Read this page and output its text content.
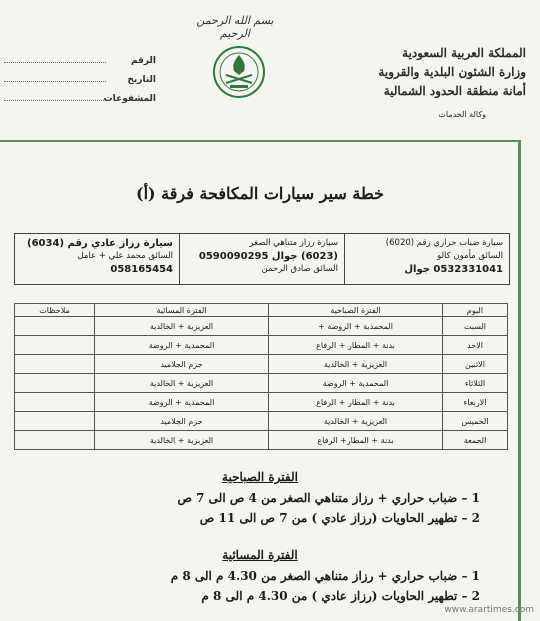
بسم الله الرحمن الرحيم
المملكة العربية السعودية
وزارة الشئون البلدية والقروية
أمانة منطقة الحدود الشمالية
وكالة الخدمات
الرقم
التاريخ
المشفوعات
خطة سير سيارات المكافحة فرقة (أ)
سيارة ضباب حراري رقم (6020)
السائق مأمون كالو
0532331041 جوال
سيارة رزاز متناهي الصغر
(6023) جوال 0590090295
السائق صادق الرحمن
سيارة رزاز عادي رقم (6034)
السائق محمد علي + عامل
058165454
اليوم	الفترة الصباحية	الفترة المسائية	ملاحظات
السبت	المحمدية + الروضة +	العزيزية + الخالدية	
الاحد	بدنة + المطار + الرفاع	المحمدية + الروضة	
الاثنين	العزيزية + الخالدية	حزم الجلاميد	
الثلاثاء	المحمدية + الروضة	العزيزية + الخالدية	
الاربعاء	بدنة + المطار + الرفاع	المحمدية + الروضة	
الخميس	العزيزية + الخالدية	حزم الجلاميد	
الجمعة	بدنة + المطار+ الرفاع	العزيزية + الخالدية	
الفترة الصباحية
1 – ضباب حراري + رزاز متناهي الصغر من 4 ص الى 7 ص
2 – تطهير الحاويات (رزاز عادي ) من 7 ص الى 11 ص
الفترة المسائية
1 – ضباب حراري + رزاز متناهي الصغر من 4.30 م الى 8 م
2 – تطهير الحاويات (رزاز عادي ) من 4.30 م الى 8 م
www.arartimes.com
